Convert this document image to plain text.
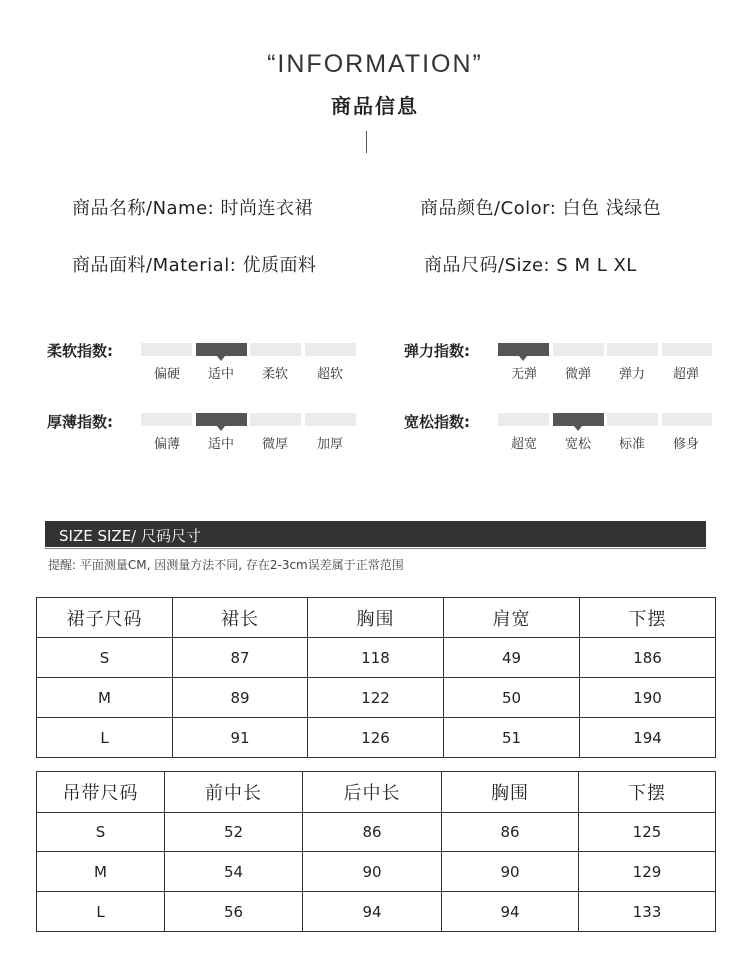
“INFORMATION”
商品信息
商品名称/Name: 时尚连衣裙	商品颜色/Color: 白色 浅绿色
商品面料/Material: 优质面料	商品尺码/Size: S M L XL
柔软指数:
偏硬	适中	柔软	超软
弹力指数:
无弹	微弹	弹力	超弹
厚薄指数:
偏薄	适中	微厚	加厚
宽松指数:
超宽	宽松	标准	修身
SIZE SIZE/ 尺码尺寸
提醒: 平面测量CM, 因测量方法不同, 存在2-3cm误差属于正常范围
裙子尺码	裙长	胸围	肩宽	下摆
S	87	118	49	186
M	89	122	50	190
L	91	126	51	194
吊带尺码	前中长	后中长	胸围	下摆
S	52	86	86	125
M	54	90	90	129
L	56	94	94	133
